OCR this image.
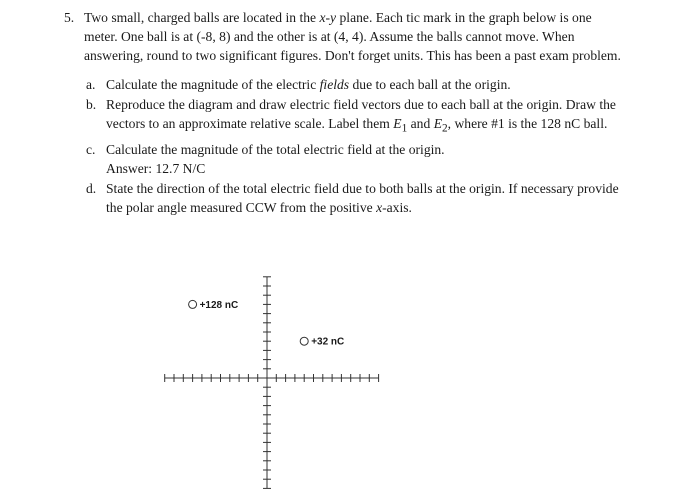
5. Two small, charged balls are located in the x-y plane. Each tic mark in the graph below is one meter. One ball is at (-8, 8) and the other is at (4, 4). Assume the balls cannot move. When answering, round to two significant figures. Don't forget units. This has been a past exam problem.

a. Calculate the magnitude of the electric fields due to each ball at the origin.
b. Reproduce the diagram and draw electric field vectors due to each ball at the origin. Draw the vectors to an approximate relative scale. Label them $E_1$ and $E_2$, where #1 is the 128 nC ball.
c. Calculate the magnitude of the total electric field at the origin.
Answer: 12.7 N/C
d. State the direction of the total electric field due to both balls at the origin. If necessary provide the polar angle measured CCW from the positive x-axis.
+128 nC
+32 nC
